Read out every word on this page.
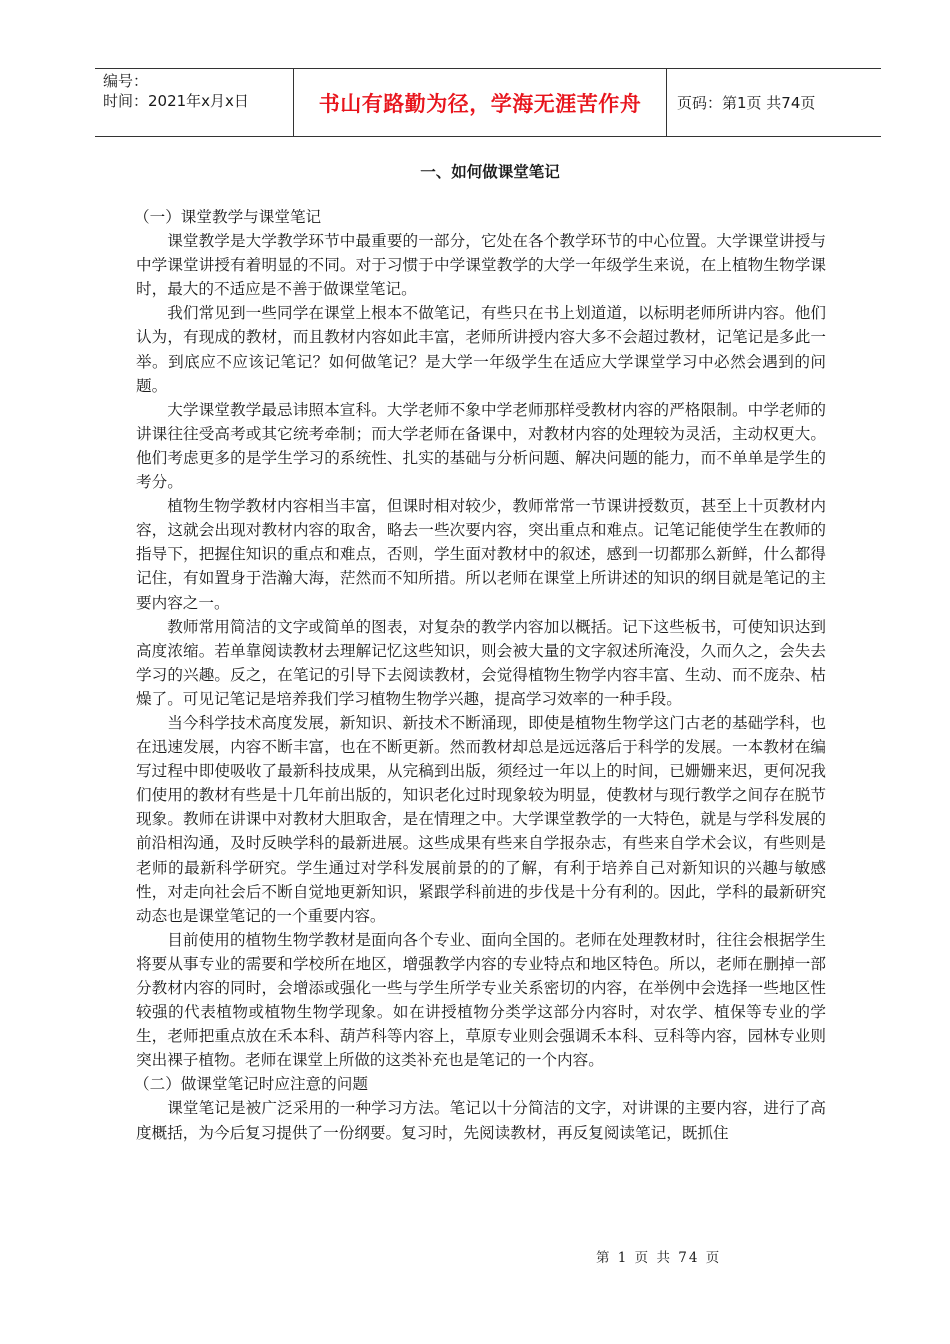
编号：
时间：2021年x月x日	书山有路勤为径，学海无涯苦作舟	页码：第1页 共74页
一、如何做课堂笔记

（一）课堂教学与课堂笔记

课堂教学是大学教学环节中最重要的一部分，它处在各个教学环节的中心位置。大学课堂讲授与中学课堂讲授有着明显的不同。对于习惯于中学课堂教学的大学一年级学生来说，在上植物生物学课时，最大的不适应是不善于做课堂笔记。

我们常见到一些同学在课堂上根本不做笔记，有些只在书上划道道，以标明老师所讲内容。他们认为，有现成的教材，而且教材内容如此丰富，老师所讲授内容大多不会超过教材，记笔记是多此一举。到底应不应该记笔记？如何做笔记？是大学一年级学生在适应大学课堂学习中必然会遇到的问题。

大学课堂教学最忌讳照本宣科。大学老师不象中学老师那样受教材内容的严格限制。中学老师的讲课往往受高考或其它统考牵制；而大学老师在备课中，对教材内容的处理较为灵活，主动权更大。他们考虑更多的是学生学习的系统性、扎实的基础与分析问题、解决问题的能力，而不单单是学生的考分。

植物生物学教材内容相当丰富，但课时相对较少，教师常常一节课讲授数页，甚至上十页教材内容，这就会出现对教材内容的取舍，略去一些次要内容，突出重点和难点。记笔记能使学生在教师的指导下，把握住知识的重点和难点，否则，学生面对教材中的叙述，感到一切都那么新鲜，什么都得记住，有如置身于浩瀚大海，茫然而不知所措。所以老师在课堂上所讲述的知识的纲目就是笔记的主要内容之一。

教师常用简洁的文字或简单的图表，对复杂的教学内容加以概括。记下这些板书，可使知识达到高度浓缩。若单靠阅读教材去理解记忆这些知识，则会被大量的文字叙述所淹没，久而久之，会失去学习的兴趣。反之，在笔记的引导下去阅读教材，会觉得植物生物学内容丰富、生动、而不庞杂、枯燥了。可见记笔记是培养我们学习植物生物学兴趣，提高学习效率的一种手段。

当今科学技术高度发展，新知识、新技术不断涌现，即使是植物生物学这门古老的基础学科，也在迅速发展，内容不断丰富，也在不断更新。然而教材却总是远远落后于科学的发展。一本教材在编写过程中即使吸收了最新科技成果，从完稿到出版，须经过一年以上的时间，已姗姗来迟，更何况我们使用的教材有些是十几年前出版的，知识老化过时现象较为明显，使教材与现行教学之间存在脱节现象。教师在讲课中对教材大胆取舍，是在情理之中。大学课堂教学的一大特色，就是与学科发展的前沿相沟通，及时反映学科的最新进展。这些成果有些来自学报杂志，有些来自学术会议，有些则是老师的最新科学研究。学生通过对学科发展前景的的了解，有利于培养自己对新知识的兴趣与敏感性，对走向社会后不断自觉地更新知识，紧跟学科前进的步伐是十分有利的。因此，学科的最新研究动态也是课堂笔记的一个重要内容。

目前使用的植物生物学教材是面向各个专业、面向全国的。老师在处理教材时，往往会根据学生将要从事专业的需要和学校所在地区，增强教学内容的专业特点和地区特色。所以，老师在删掉一部分教材内容的同时，会增添或强化一些与学生所学专业关系密切的内容，在举例中会选择一些地区性较强的代表植物或植物生物学现象。如在讲授植物分类学这部分内容时，对农学、植保等专业的学生，老师把重点放在禾本科、葫芦科等内容上，草原专业则会强调禾本科、豆科等内容，园林专业则突出裸子植物。老师在课堂上所做的这类补充也是笔记的一个内容。

（二）做课堂笔记时应注意的问题

课堂笔记是被广泛采用的一种学习方法。笔记以十分简洁的文字，对讲课的主要内容，进行了高度概括，为今后复习提供了一份纲要。复习时，先阅读教材，再反复阅读笔记，既抓住

第 1 页 共 74 页
